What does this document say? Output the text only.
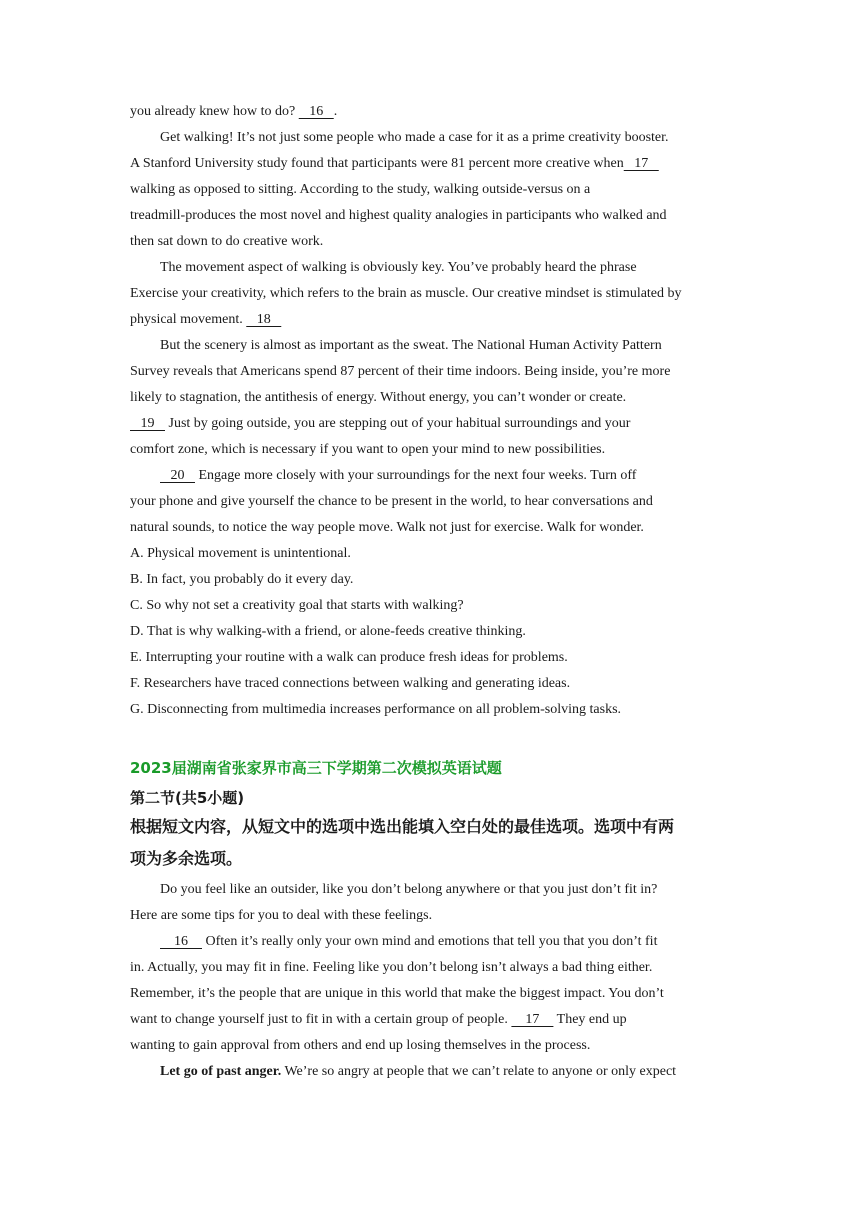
you already knew how to do?    16   .
Get walking! It’s not just some people who made a case for it as a prime creativity booster.
A Stanford University study found that participants were 81 percent more creative when   17
walking as opposed to sitting. According to the study, walking outside-versus on a
treadmill-produces the most novel and highest quality analogies in participants who walked and
then sat down to do creative work.
The movement aspect of walking is obviously key. You’ve probably heard the phrase
Exercise your creativity, which refers to the brain as muscle. Our creative mindset is stimulated by
physical movement.    18
But the scenery is almost as important as the sweat. The National Human Activity Pattern
Survey reveals that Americans spend 87 percent of their time indoors. Being inside, you’re more
likely to stagnation, the antithesis of energy. Without energy, you can’t wonder or create.
19    Just by going outside, you are stepping out of your habitual surroundings and your
comfort zone, which is necessary if you want to open your mind to new possibilities.
20    Engage more closely with your surroundings for the next four weeks. Turn off
your phone and give yourself the chance to be present in the world, to hear conversations and
natural sounds, to notice the way people move. Walk not just for exercise. Walk for wonder.
A. Physical movement is unintentional.
B. In fact, you probably do it every day.
C. So why not set a creativity goal that starts with walking?
D. That is why walking-with a friend, or alone-feeds creative thinking.
E. Interrupting your routine with a walk can produce fresh ideas for problems.
F. Researchers have traced connections between walking and generating ideas.
G. Disconnecting from multimedia increases performance on all problem-solving tasks.
2023届湖南省张家界市高三下学期第二次模拟英语试题
第二节(共5小题)
根据短文内容，从短文中的选项中选出能填入空白处的最佳选项。选项中有两
项为多余选项。
Do you feel like an outsider, like you don’t belong anywhere or that you just don’t fit in?
Here are some tips for you to deal with these feelings.
16     Often it’s really only your own mind and emotions that tell you that you don’t fit
in. Actually, you may fit in fine. Feeling like you don’t belong isn’t always a bad thing either.
Remember, it’s the people that are unique in this world that make the biggest impact. You don’t
want to change yourself just to fit in with a certain group of people.     17     They end up
wanting to gain approval from others and end up losing themselves in the process.
Let go of past anger. We’re so angry at people that we can’t relate to anyone or only expect
